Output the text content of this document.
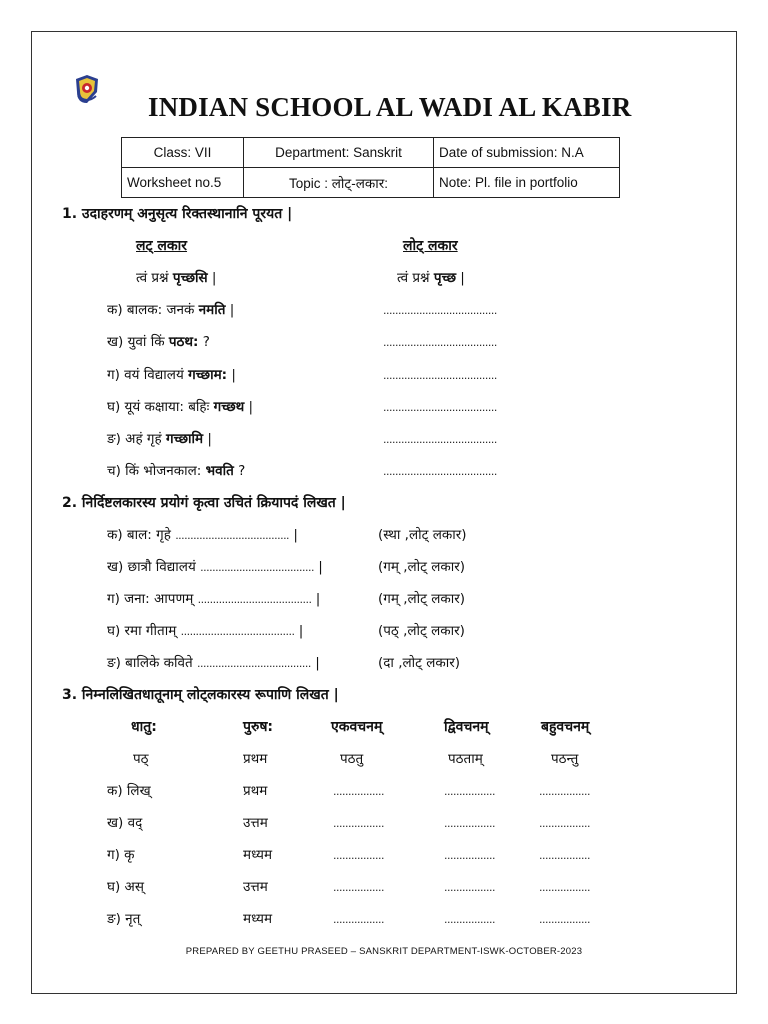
INDIAN SCHOOL AL WADI AL KABIR
Class: VII	Department: Sanskrit	Date of submission: N.A
Worksheet no.5	Topic : लोट्-लकार:	Note: Pl. file in portfolio
1. उदाहरणम् अनुसृत्य रिक्तस्थानानि पूरयत |
लट् लकार	लोट् लकार
त्वं प्रश्नं पृच्छसि |	त्वं प्रश्नं पृच्छ |
क) बालक: जनकं नमति |	......................................
ख) युवां किं पठथ: ?	......................................
ग) वयं विद्यालयं गच्छाम: |	......................................
घ) यूयं कक्षाया: बहिः गच्छथ |	......................................
ङ) अहं गृहं गच्छामि |	......................................
च) किं भोजनकाल: भवति ?	......................................
2. निर्दिष्टलकारस्य प्रयोगं कृत्वा उचितं क्रियापदं लिखत |
क) बाल: गृहे ...................................... |	(स्था ,लोट् लकार)
ख) छात्रौ विद्यालयं ...................................... |	(गम् ,लोट् लकार)
ग) जना: आपणम् ...................................... |	(गम् ,लोट् लकार)
घ) रमा गीताम् ...................................... |	(पठ् ,लोट् लकार)
ङ) बालिके कविते ...................................... |	(दा ,लोट् लकार)
3. निम्नलिखितधातूनाम् लोट्लकारस्य रूपाणि लिखत |
धातु:	पुरुष:	एकवचनम्	द्विवचनम्	बहुवचनम्
पठ्	प्रथम	पठतु	पठताम्	पठन्तु
क) लिख्	प्रथम	.................	.................	.................
ख) वद्	उत्तम	.................	.................	.................
ग) कृ	मध्यम	.................	.................	.................
घ) अस्	उत्तम	.................	.................	.................
ङ) नृत्	मध्यम	.................	.................	.................
PREPARED BY GEETHU PRASEED – SANSKRIT DEPARTMENT-ISWK-OCTOBER-2023
